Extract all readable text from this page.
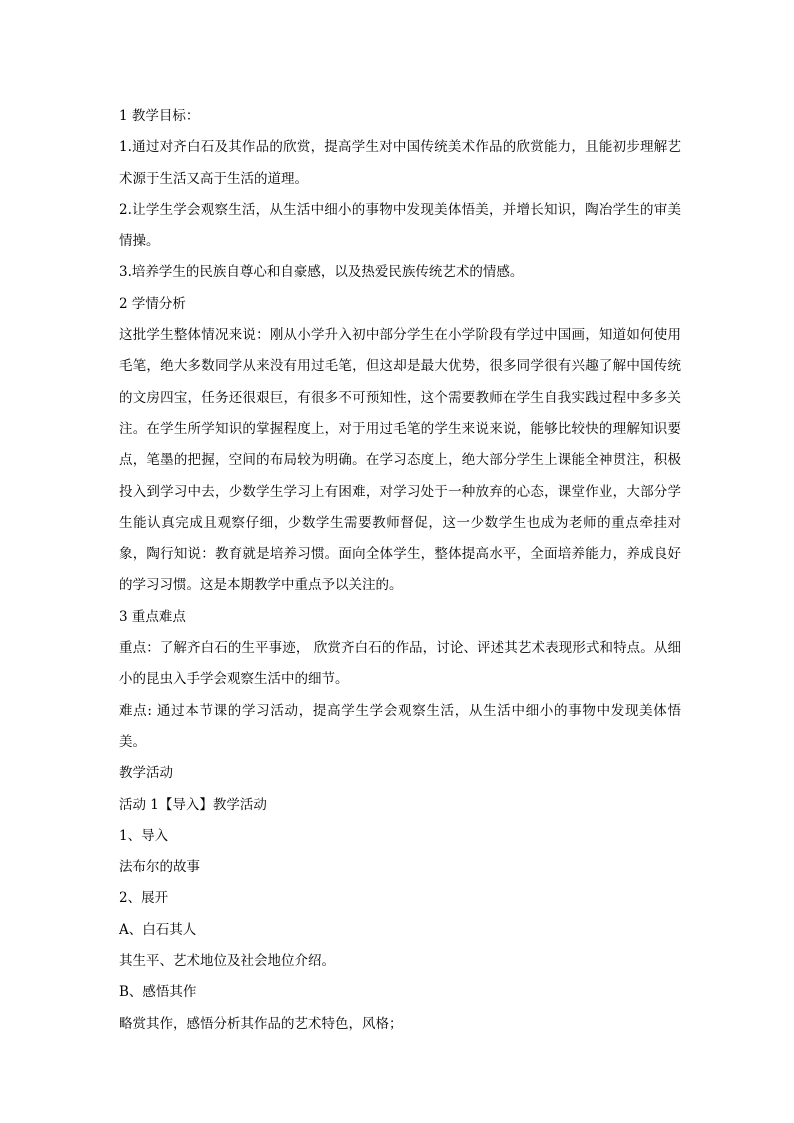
1 教学目标：

1.通过对齐白石及其作品的欣赏，提高学生对中国传统美术作品的欣赏能力，且能初步理解艺术源于生活又高于生活的道理。

2.让学生学会观察生活，从生活中细小的事物中发现美体悟美，并增长知识，陶冶学生的审美情操。

3.培养学生的民族自尊心和自豪感，以及热爱民族传统艺术的情感。

2 学情分析

这批学生整体情况来说：刚从小学升入初中部分学生在小学阶段有学过中国画，知道如何使用毛笔，绝大多数同学从来没有用过毛笔，但这却是最大优势，很多同学很有兴趣了解中国传统的文房四宝，任务还很艰巨，有很多不可预知性，这个需要教师在学生自我实践过程中多多关注。在学生所学知识的掌握程度上，对于用过毛笔的学生来说来说，能够比较快的理解知识要点，笔墨的把握，空间的布局较为明确。在学习态度上，绝大部分学生上课能全神贯注，积极投入到学习中去，少数学生学习上有困难，对学习处于一种放弃的心态，课堂作业，大部分学生能认真完成且观察仔细，少数学生需要教师督促，这一少数学生也成为老师的重点牵挂对象，陶行知说：教育就是培养习惯。面向全体学生，整体提高水平，全面培养能力，养成良好的学习习惯。这是本期教学中重点予以关注的。

3 重点难点

重点：了解齐白石的生平事迹， 欣赏齐白石的作品，讨论、评述其艺术表现形式和特点。从细小的昆虫入手学会观察生活中的细节。

难点: 通过本节课的学习活动，提高学生学会观察生活，从生活中细小的事物中发现美体悟美。

教学活动

活动 1【导入】教学活动

1、导入

法布尔的故事

2、展开

A、白石其人

其生平、艺术地位及社会地位介绍。

B、感悟其作

略赏其作，感悟分析其作品的艺术特色，风格；
